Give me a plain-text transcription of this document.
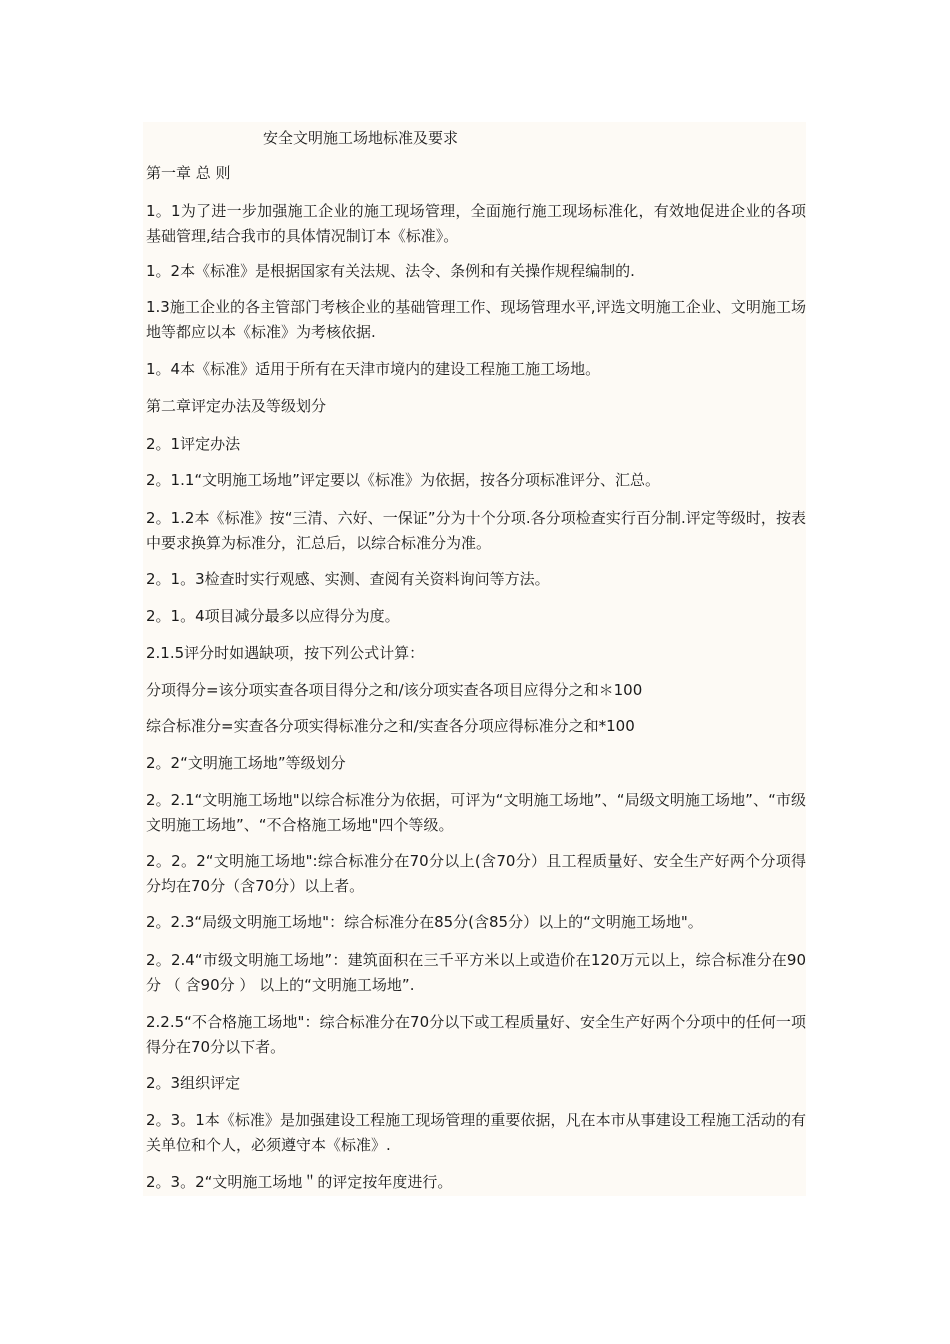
安全文明施工场地标准及要求

第一章 总 则

1。1为了进一步加强施工企业的施工现场管理，全面施行施工现场标准化，有效地促进企业的各项基础管理,结合我市的具体情况制订本《标准》。

1。2本《标准》是根据国家有关法规、法令、条例和有关操作规程编制的.

1.3施工企业的各主管部门考核企业的基础管理工作、现场管理水平,评选文明施工企业、文明施工场地等都应以本《标准》为考核依据.

1。4本《标准》适用于所有在天津市境内的建设工程施工施工场地。

第二章评定办法及等级划分

2。1评定办法

2。1.1“文明施工场地”评定要以《标准》为依据，按各分项标准评分、汇总。

2。1.2本《标准》按“三清、六好、一保证”分为十个分项.各分项检查实行百分制.评定等级时，按表中要求换算为标准分，汇总后，以综合标准分为准。

2。1。3检查时实行观感、实测、查阅有关资料询问等方法。

2。1。4项目减分最多以应得分为度。

2.1.5评分时如遇缺项，按下列公式计算：

分项得分=该分项实查各项目得分之和/该分项实查各项目应得分之和＊100

综合标准分=实查各分项实得标准分之和/实查各分项应得标准分之和*100

2。2“文明施工场地”等级划分

2。2.1“文明施工场地"以综合标准分为依据，可评为“文明施工场地”、“局级文明施工场地”、“市级文明施工场地”、“不合格施工场地"四个等级。

2。2。2“文明施工场地":综合标准分在70分以上(含70分）且工程质量好、安全生产好两个分项得分均在70分（含70分）以上者。

2。2.3“局级文明施工场地"：综合标准分在85分(含85分）以上的“文明施工场地"。

2。2.4“市级文明施工场地”：建筑面积在三千平方米以上或造价在120万元以上，综合标准分在90分 （ 含90分 ） 以上的“文明施工场地”.

2.2.5“不合格施工场地"：综合标准分在70分以下或工程质量好、安全生产好两个分项中的任何一项得分在70分以下者。

2。3组织评定

2。3。1本《标准》是加强建设工程施工现场管理的重要依据，凡在本市从事建设工程施工活动的有关单位和个人，必须遵守本《标准》.

2。3。2“文明施工场地＂的评定按年度进行。
